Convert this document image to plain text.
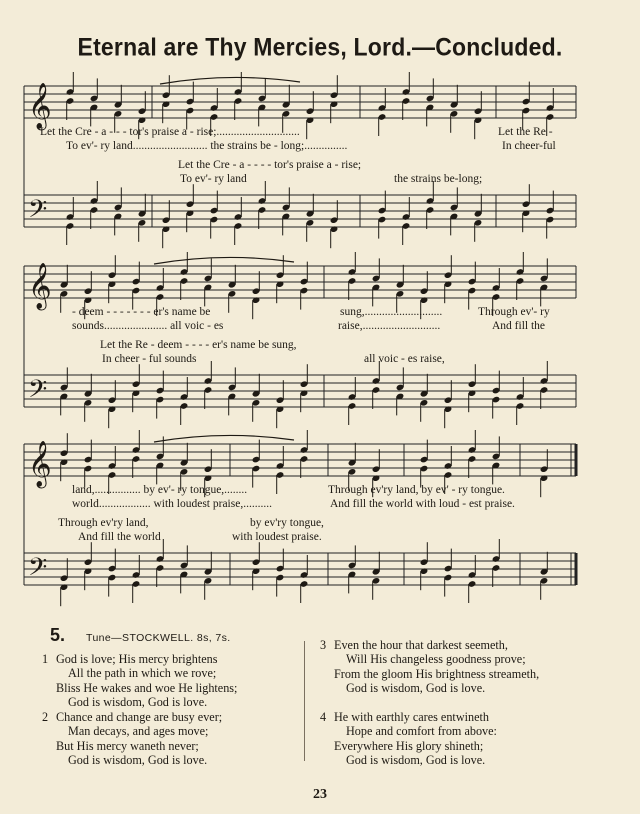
Eternal are Thy Mercies, Lord.—Concluded.
𝄞
𝄢
𝄞
𝄢
𝄞
𝄢
Let the Cre - a - - - tor's praise a - rise;.............................	Let the Re -
To ev'- ry land.......................... the strains be - long;...............	In cheer-ful
Let the Cre - a - - - - tor's praise a - rise;
To ev'- ry land	the strains be-long;
- deem - - - - - - - er's name be	sung,...........................	Through ev'- ry
sounds...................... all voic - es	raise,...........................	And fill the
Let the Re - deem - - - - er's name be sung,
In cheer - ful sounds	all voic - es raise,
land,................ by ev'- ry tongue,........	Through ev'ry land, by ev' - ry tongue.
world.................. with loudest praise,..........	And fill the world with loud - est praise.
Through ev'ry land,	by ev'ry tongue,
And fill the world	with loudest praise.
5. Tune—STOCKWELL. 8s, 7s.
1 God is love; His mercy brightens
All the path in which we rove;
Bliss He wakes and woe He lightens;
God is wisdom, God is love.
2 Chance and change are busy ever;
Man decays, and ages move;
But His mercy waneth never;
God is wisdom, God is love.
3 Even the hour that darkest seemeth,
Will His changeless goodness prove;
From the gloom His brightness streameth,
God is wisdom, God is love.
4 He with earthly cares entwineth
Hope and comfort from above:
Everywhere His glory shineth;
God is wisdom, God is love.
23
